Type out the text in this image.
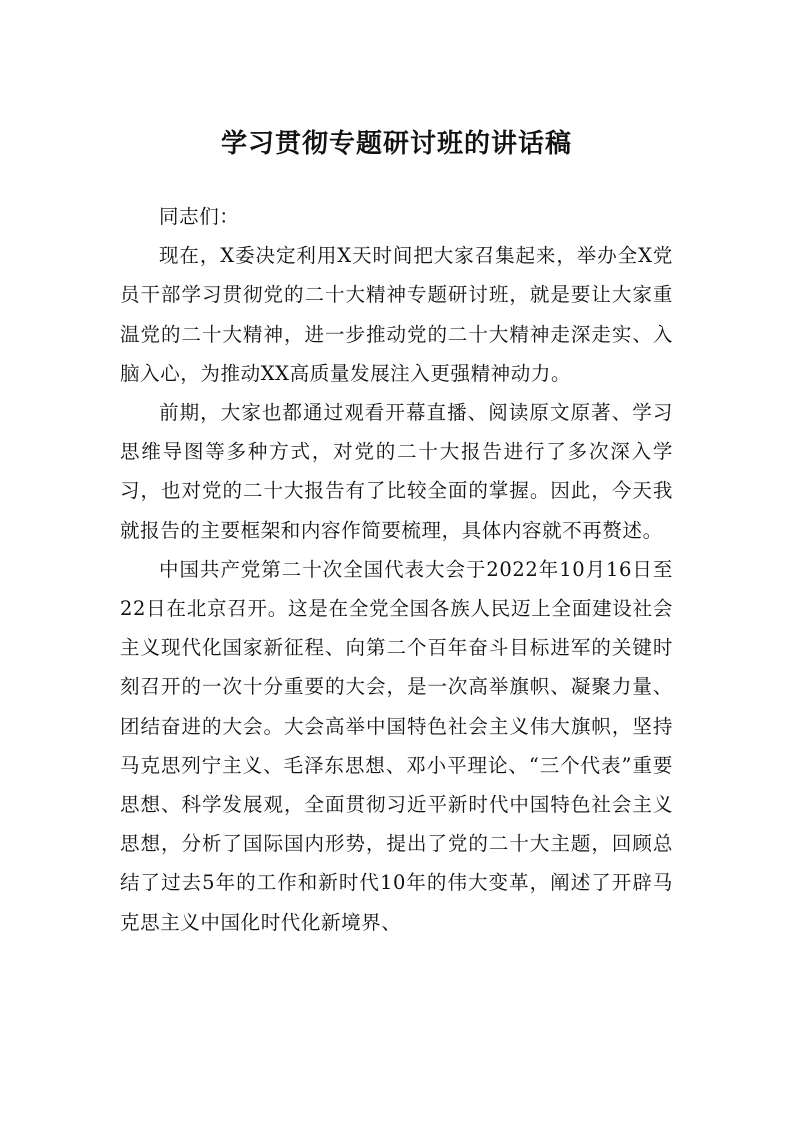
学习贯彻专题研讨班的讲话稿

同志们：

现在，X委决定利用X天时间把大家召集起来，举办全X党员干部学习贯彻党的二十大精神专题研讨班，就是要让大家重温党的二十大精神，进一步推动党的二十大精神走深走实、入脑入心，为推动XX高质量发展注入更强精神动力。

前期，大家也都通过观看开幕直播、阅读原文原著、学习思维导图等多种方式，对党的二十大报告进行了多次深入学习，也对党的二十大报告有了比较全面的掌握。因此，今天我就报告的主要框架和内容作简要梳理，具体内容就不再赘述。

中国共产党第二十次全国代表大会于2022年10月16日至22日在北京召开。这是在全党全国各族人民迈上全面建设社会主义现代化国家新征程、向第二个百年奋斗目标进军的关键时刻召开的一次十分重要的大会，是一次高举旗帜、凝聚力量、团结奋进的大会。大会高举中国特色社会主义伟大旗帜，坚持马克思列宁主义、毛泽东思想、邓小平理论、“三个代表”重要思想、科学发展观，全面贯彻习近平新时代中国特色社会主义思想，分析了国际国内形势，提出了党的二十大主题，回顾总结了过去5年的工作和新时代10年的伟大变革，阐述了开辟马克思主义中国化时代化新境界、
